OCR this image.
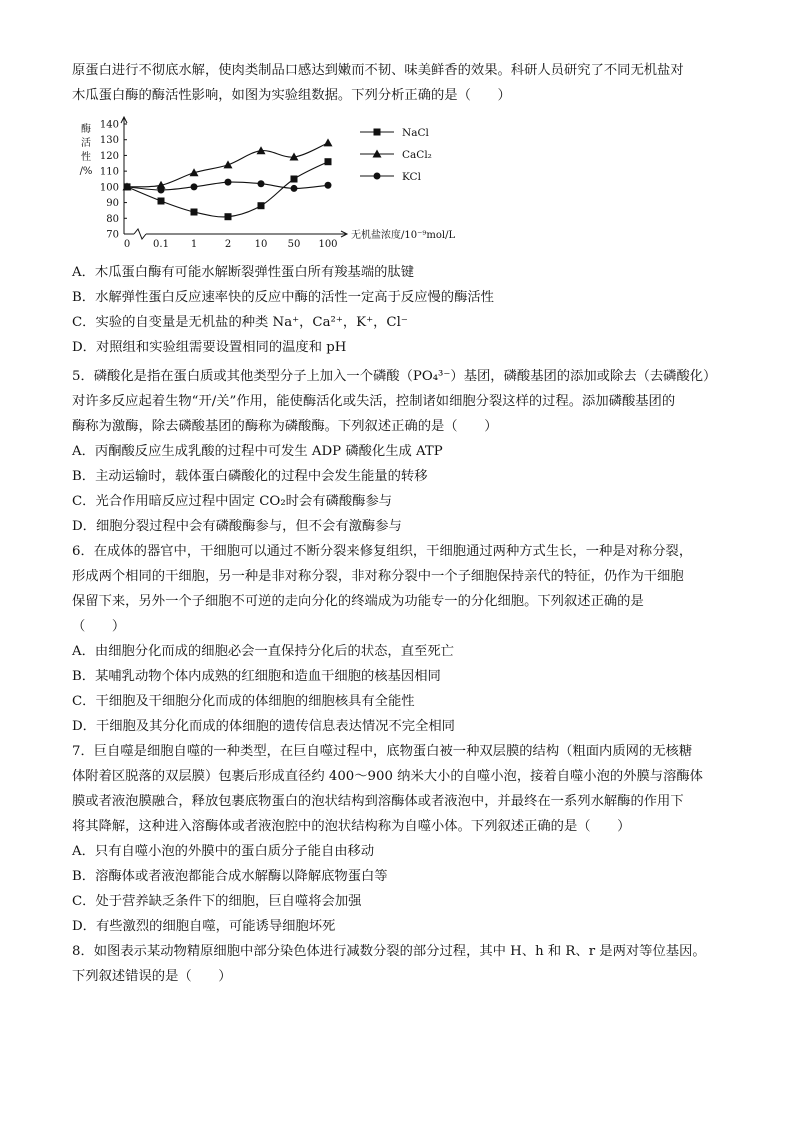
原蛋白进行不彻底水解，使肉类制品口感达到嫩而不韧、味美鲜香的效果。科研人员研究了不同无机盐对

木瓜蛋白酶的酶活性影响，如图为实验组数据。下列分析正确的是（　　）

酶
活
性
/%
70
80
90
100
110
120
130
140
0 0.1 1	2 10 50 100
无机盐浓度/10⁻⁹mol/L
NaCl
CaCl₂
KCl

A．木瓜蛋白酶有可能水解断裂弹性蛋白所有羧基端的肽键

B．水解弹性蛋白反应速率快的反应中酶的活性一定高于反应慢的酶活性

C．实验的自变量是无机盐的种类 Na⁺，Ca²⁺，K⁺，Cl⁻

D．对照组和实验组需要设置相同的温度和 pH

5．磷酸化是指在蛋白质或其他类型分子上加入一个磷酸（PO₄³⁻）基团，磷酸基团的添加或除去（去磷酸化）

对许多反应起着生物“开/关”作用，能使酶活化或失活，控制诸如细胞分裂这样的过程。添加磷酸基团的

酶称为激酶，除去磷酸基团的酶称为磷酸酶。下列叙述正确的是（　　）

A．丙酮酸反应生成乳酸的过程中可发生 ADP 磷酸化生成 ATP

B．主动运输时，载体蛋白磷酸化的过程中会发生能量的转移

C．光合作用暗反应过程中固定 CO₂时会有磷酸酶参与

D．细胞分裂过程中会有磷酸酶参与，但不会有激酶参与

6．在成体的器官中，干细胞可以通过不断分裂来修复组织，干细胞通过两种方式生长，一种是对称分裂，

形成两个相同的干细胞，另一种是非对称分裂，非对称分裂中一个子细胞保持亲代的特征，仍作为干细胞

保留下来，另外一个子细胞不可逆的走向分化的终端成为功能专一的分化细胞。下列叙述正确的是

（　　）

A．由细胞分化而成的细胞必会一直保持分化后的状态，直至死亡

B．某哺乳动物个体内成熟的红细胞和造血干细胞的核基因相同

C．干细胞及干细胞分化而成的体细胞的细胞核具有全能性

D．干细胞及其分化而成的体细胞的遗传信息表达情况不完全相同

7．巨自噬是细胞自噬的一种类型，在巨自噬过程中，底物蛋白被一种双层膜的结构（粗面内质网的无核糖

体附着区脱落的双层膜）包裹后形成直径约 400～900 纳米大小的自噬小泡，接着自噬小泡的外膜与溶酶体

膜或者液泡膜融合，释放包裹底物蛋白的泡状结构到溶酶体或者液泡中，并最终在一系列水解酶的作用下

将其降解，这种进入溶酶体或者液泡腔中的泡状结构称为自噬小体。下列叙述正确的是（　　）

A．只有自噬小泡的外膜中的蛋白质分子能自由移动

B．溶酶体或者液泡都能合成水解酶以降解底物蛋白等

C．处于营养缺乏条件下的细胞，巨自噬将会加强

D．有些激烈的细胞自噬，可能诱导细胞坏死

8．如图表示某动物精原细胞中部分染色体进行减数分裂的部分过程，其中 H、h 和 R、r 是两对等位基因。

下列叙述错误的是（　　）
